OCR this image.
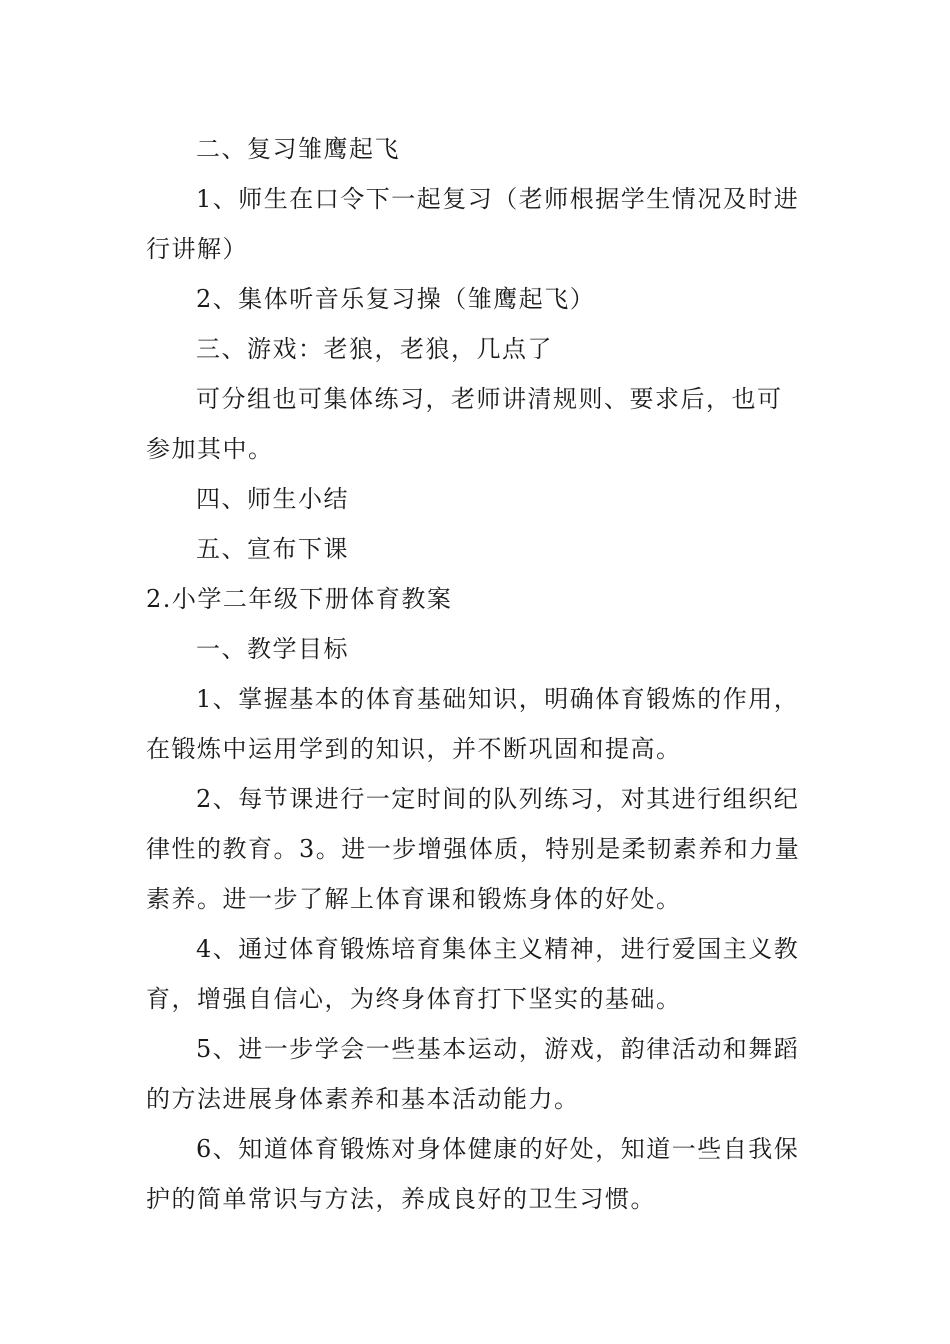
二、复习雏鹰起飞

1、师生在口令下一起复习（老师根据学生情况及时进行讲解）

2、集体听音乐复习操（雏鹰起飞）

三、游戏：老狼，老狼，几点了

可分组也可集体练习，老师讲清规则、要求后，也可参加其中。

四、师生小结

五、宣布下课

2.小学二年级下册体育教案

一、教学目标

1、掌握基本的体育基础知识，明确体育锻炼的作用，在锻炼中运用学到的知识，并不断巩固和提高。

2、每节课进行一定时间的队列练习，对其进行组织纪律性的教育。3。进一步增强体质，特别是柔韧素养和力量素养。进一步了解上体育课和锻炼身体的好处。

4、通过体育锻炼培育集体主义精神，进行爱国主义教育，增强自信心，为终身体育打下坚实的基础。

5、进一步学会一些基本运动，游戏，韵律活动和舞蹈的方法进展身体素养和基本活动能力。

6、知道体育锻炼对身体健康的好处，知道一些自我保护的简单常识与方法，养成良好的卫生习惯。
